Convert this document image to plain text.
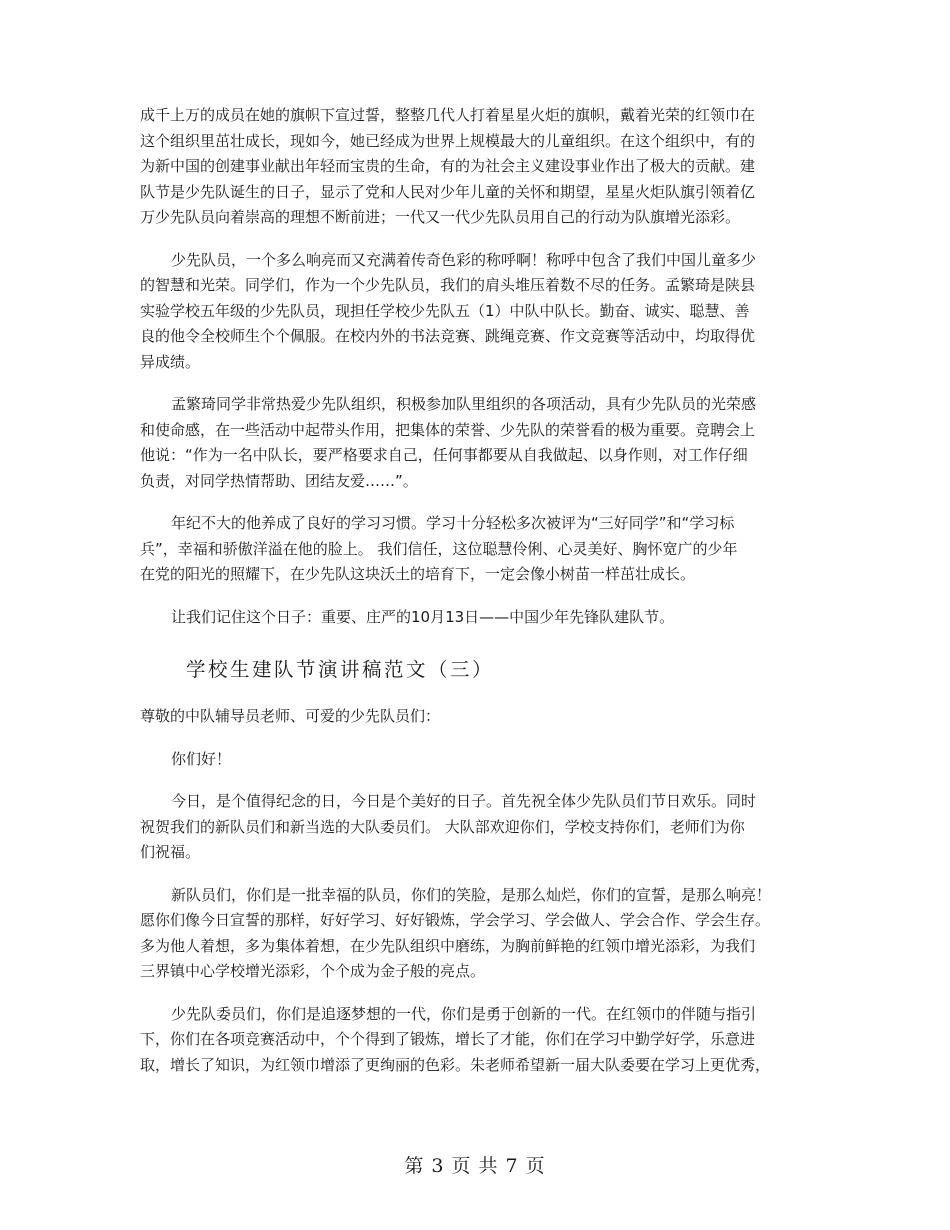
成千上万的成员在她的旗帜下宣过誓，整整几代人打着星星火炬的旗帜，戴着光荣的红领巾在
这个组织里茁壮成长，现如今，她已经成为世界上规模最大的儿童组织。在这个组织中，有的
为新中国的创建事业献出年轻而宝贵的生命，有的为社会主义建设事业作出了极大的贡献。建
队节是少先队诞生的日子，显示了党和人民对少年儿童的关怀和期望，星星火炬队旗引领着亿
万少先队员向着崇高的理想不断前进；一代又一代少先队员用自己的行动为队旗增光添彩。
少先队员，一个多么响亮而又充满着传奇色彩的称呼啊！称呼中包含了我们中国儿童多少
的智慧和光荣。同学们，作为一个少先队员，我们的肩头堆压着数不尽的任务。孟繁琦是陕县
实验学校五年级的少先队员，现担任学校少先队五（1）中队中队长。勤奋、诚实、聪慧、善
良的他令全校师生个个佩服。在校内外的书法竞赛、跳绳竞赛、作文竞赛等活动中，均取得优
异成绩。
孟繁琦同学非常热爱少先队组织，积极参加队里组织的各项活动，具有少先队员的光荣感
和使命感，在一些活动中起带头作用，把集体的荣誉、少先队的荣誉看的极为重要。竞聘会上
他说：“作为一名中队长，要严格要求自己，任何事都要从自我做起、以身作则，对工作仔细
负责，对同学热情帮助、团结友爱……”。
年纪不大的他养成了良好的学习习惯。学习十分轻松多次被评为“三好同学”和“学习标
兵”，幸福和骄傲洋溢在他的脸上。 我们信任，这位聪慧伶俐、心灵美好、胸怀宽广的少年
在党的阳光的照耀下，在少先队这块沃土的培育下，一定会像小树苗一样茁壮成长。
让我们记住这个日子：重要、庄严的10月13日——中国少年先锋队建队节。
学校生建队节演讲稿范文（三）
尊敬的中队辅导员老师、可爱的少先队员们：
你们好！
今日，是个值得纪念的日，今日是个美好的日子。首先祝全体少先队员们节日欢乐。同时
祝贺我们的新队员们和新当选的大队委员们。 大队部欢迎你们，学校支持你们，老师们为你
们祝福。
新队员们，你们是一批幸福的队员，你们的笑脸，是那么灿烂，你们的宣誓，是那么响亮！
愿你们像今日宣誓的那样，好好学习、好好锻炼，学会学习、学会做人、学会合作、学会生存。
多为他人着想，多为集体着想，在少先队组织中磨练，为胸前鲜艳的红领巾增光添彩，为我们
三界镇中心学校增光添彩，个个成为金子般的亮点。
少先队委员们，你们是追逐梦想的一代，你们是勇于创新的一代。在红领巾的伴随与指引
下，你们在各项竞赛活动中，个个得到了锻炼，增长了才能，你们在学习中勤学好学，乐意进
取，增长了知识，为红领巾增添了更绚丽的色彩。朱老师希望新一届大队委要在学习上更优秀，
第 3 页 共 7 页
